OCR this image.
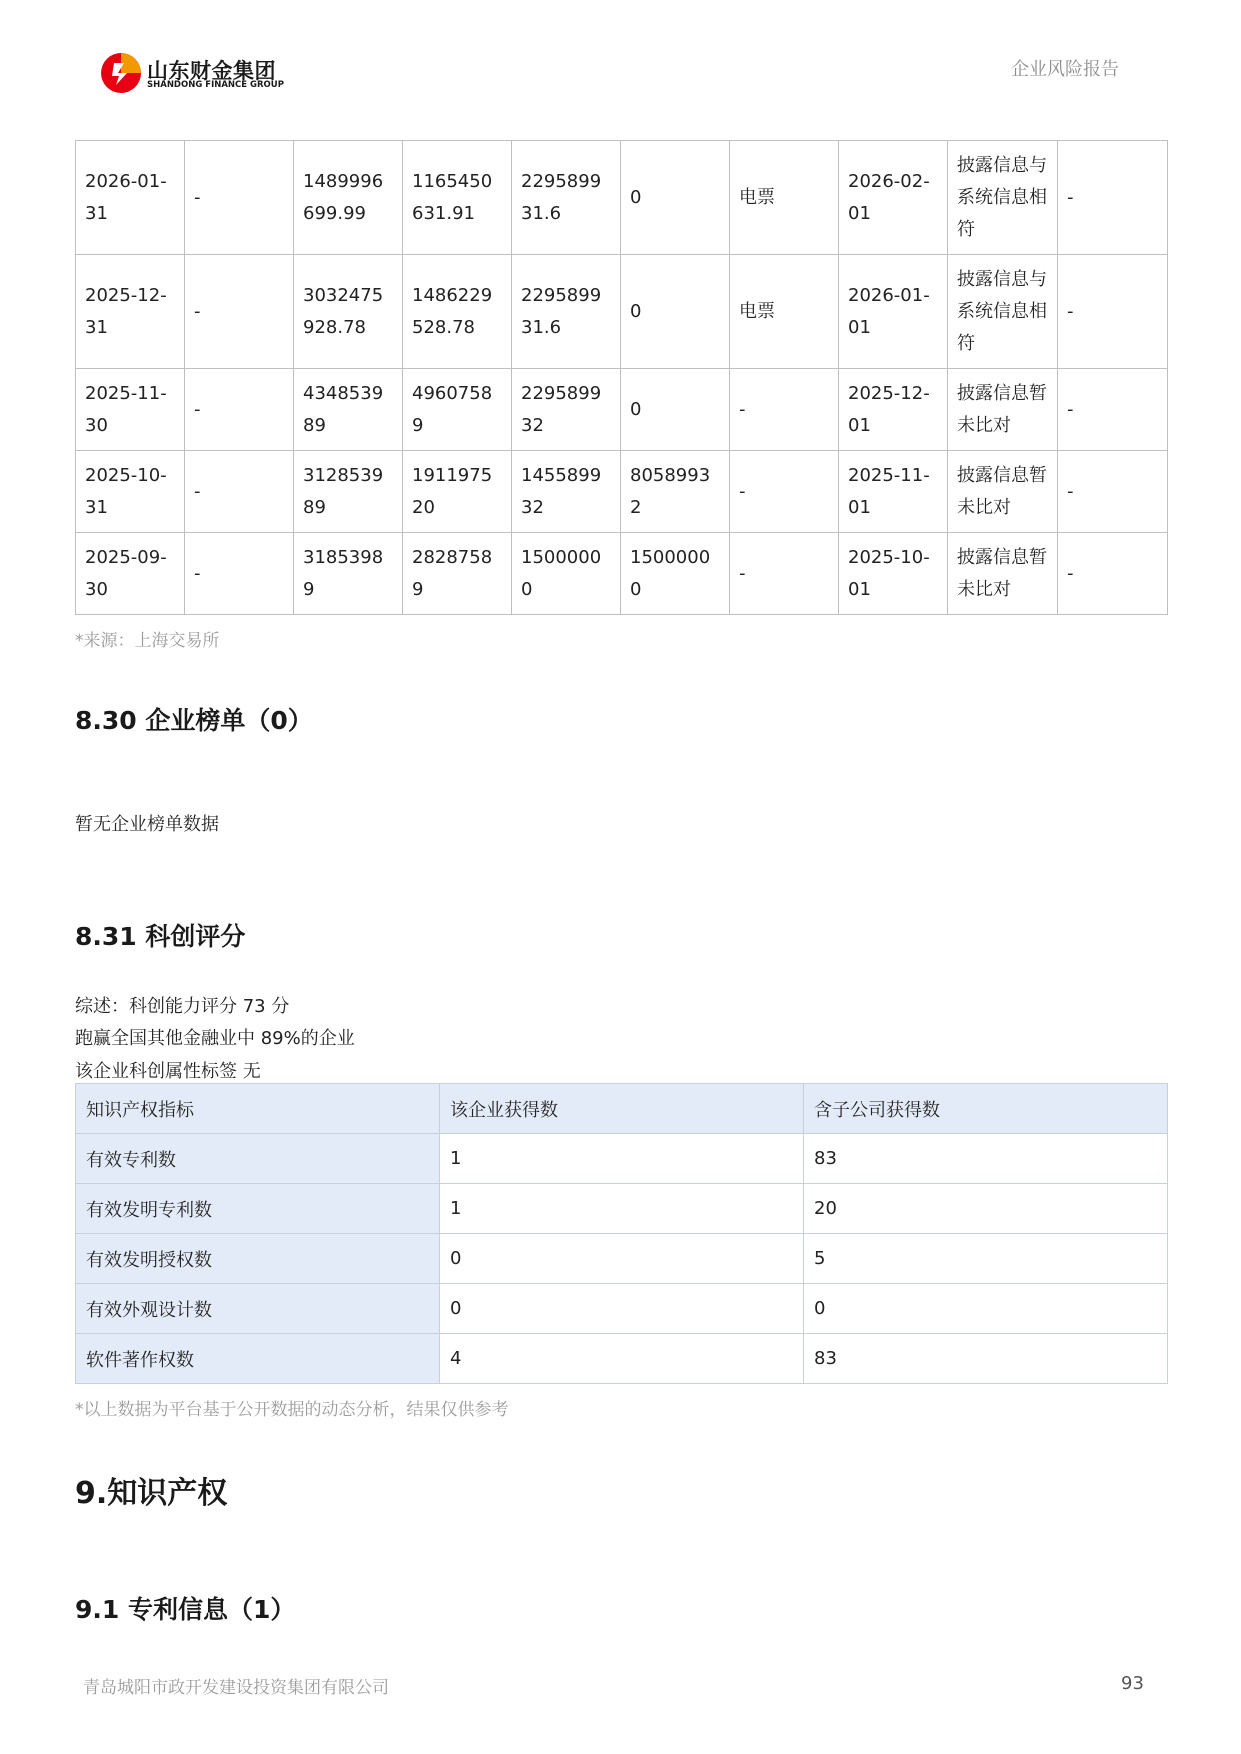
山东财金集团
SHANDONG FINANCE GROUP
企业风险报告
2026-01-31	-	1489996699.99	1165450631.91	229589931.6	0	电票	2026-02-01	披露信息与系统信息相符	-

2025-12-31	-	3032475928.78	1486229528.78	229589931.6	0	电票	2026-01-01	披露信息与系统信息相符	-

2025-11-30	-	434853989	49607589	229589932	0	-	2025-12-01	披露信息暂未比对	-

2025-10-31	-	312853989	191197520	145589932	80589932	-	2025-11-01	披露信息暂未比对	-

2025-09-30	-	31853989	28287589	15000000	15000000	-	2025-10-01	披露信息暂未比对	-
*来源：上海交易所
8.30 企业榜单（0）
暂无企业榜单数据
8.31 科创评分
综述：科创能力评分 73 分
跑赢全国其他金融业中 89%的企业
该企业科创属性标签 无
知识产权指标	该企业获得数	含子公司获得数
有效专利数	1	83
有效发明专利数	1	20
有效发明授权数	0	5
有效外观设计数	0	0
软件著作权数	4	83
*以上数据为平台基于公开数据的动态分析，结果仅供参考
9.知识产权
9.1 专利信息（1）
青岛城阳市政开发建设投资集团有限公司	93
